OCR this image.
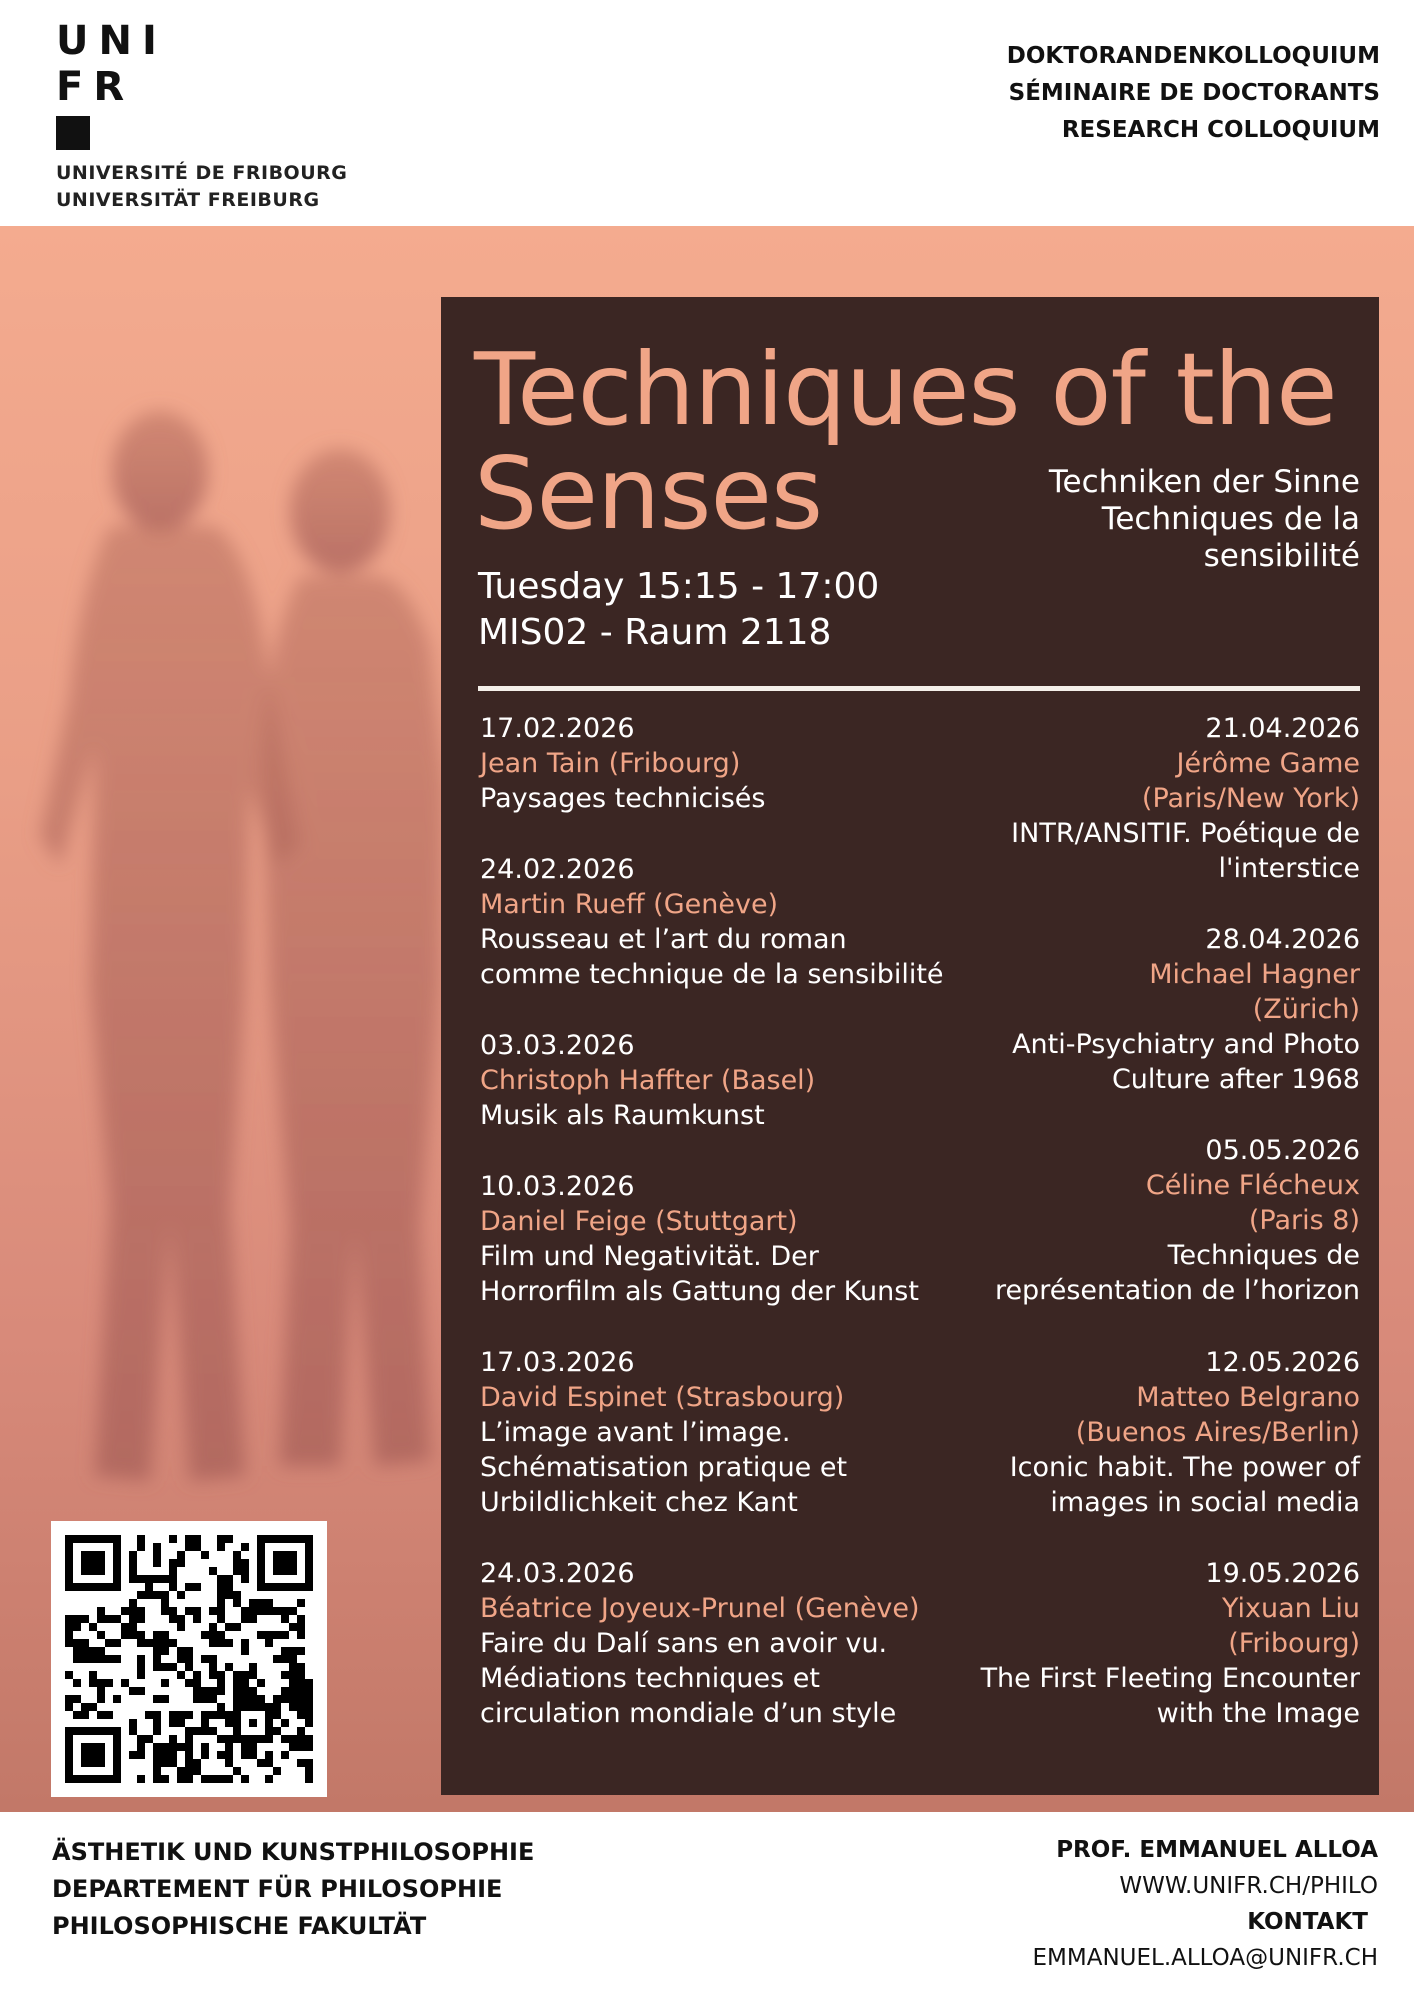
UNI
FR
UNIVERSITÉ DE FRIBOURG
UNIVERSITÄT FREIBURG
DOKTORANDENKOLLOQUIUM
SÉMINAIRE DE DOCTORANTS
RESEARCH COLLOQUIUM
Techniques of the
Senses	Techniken der Sinne
Techniques de la
sensibilité
Tuesday 15:15 - 17:00
MIS02 - Raum 2118
17.02.2026
Jean Tain (Fribourg)
Paysages technicisés
24.02.2026
Martin Rueff (Genève)
Rousseau et l’art du roman
comme technique de la sensibilité
03.03.2026
Christoph Haffter (Basel)
Musik als Raumkunst
10.03.2026
Daniel Feige (Stuttgart)
Film und Negativität. Der
Horrorfilm als Gattung der Kunst
17.03.2026
David Espinet (Strasbourg)
L’image avant l’image.
Schématisation pratique et
Urbildlichkeit chez Kant
24.03.2026
Béatrice Joyeux-Prunel (Genève)
Faire du Dalí sans en avoir vu.
Médiations techniques et
circulation mondiale d’un style
21.04.2026
Jérôme Game
(Paris/New York)
INTR/ANSITIF. Poétique de
l'interstice
28.04.2026
Michael Hagner
(Zürich)
Anti-Psychiatry and Photo
Culture after 1968
05.05.2026
Céline Flécheux
(Paris 8)
Techniques de
représentation de l’horizon
12.05.2026
Matteo Belgrano
(Buenos Aires/Berlin)
Iconic habit. The power of
images in social media
19.05.2026
Yixuan Liu
(Fribourg)
The First Fleeting Encounter
with the Image
ÄSTHETIK UND KUNSTPHILOSOPHIE
DEPARTEMENT FÜR PHILOSOPHIE
PHILOSOPHISCHE FAKULTÄT
PROF. EMMANUEL ALLOA
WWW.UNIFR.CH/PHILO
KONTAKT
EMMANUEL.ALLOA@UNIFR.CH
